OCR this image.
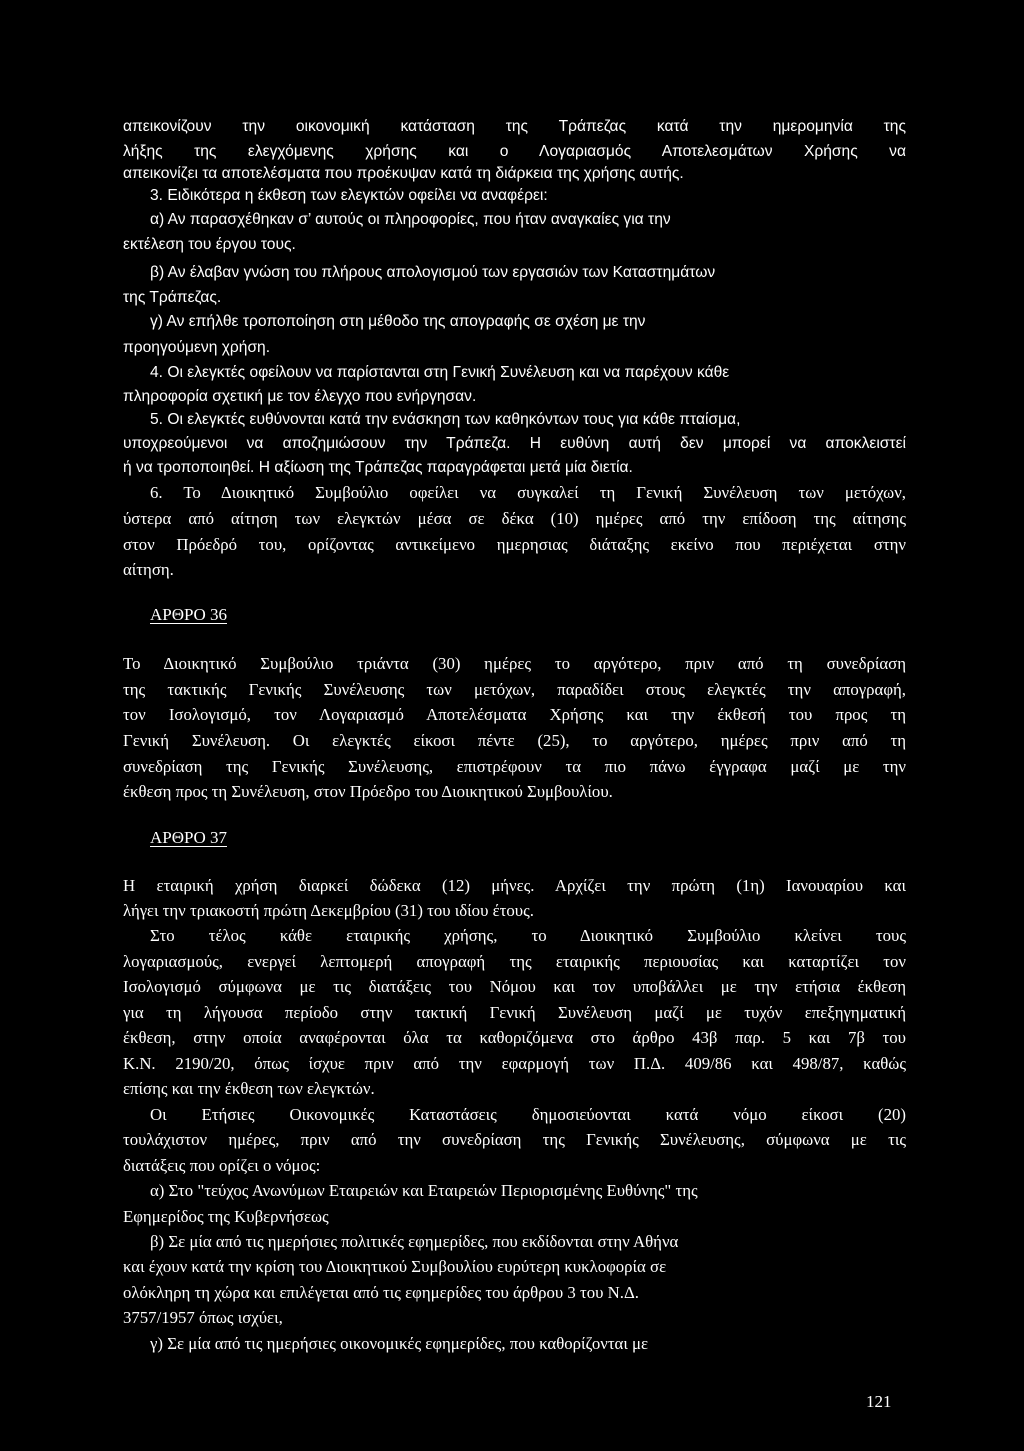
απεικονίζουν την οικονομική κατάσταση της Τράπεζας κατά την ημερομηνία της
λήξης της ελεγχόμενης χρήσης και ο Λογαριασμός Αποτελεσμάτων Χρήσης να
απεικονίζει τα αποτελέσματα που προέκυψαν κατά τη διάρκεια της χρήσης αυτής.
3. Ειδικότερα η έκθεση των ελεγκτών οφείλει να αναφέρει:
α) Αν παρασχέθηκαν σ’ αυτούς οι πληροφορίες, που ήταν αναγκαίες για την
εκτέλεση του έργου τους.
β) Αν έλαβαν γνώση του πλήρους απολογισμού των εργασιών των Καταστημάτων
της Τράπεζας.
γ) Αν επήλθε τροποποίηση στη μέθοδο της απογραφής σε σχέση με την
προηγούμενη χρήση.
4. Οι ελεγκτές οφείλουν να παρίστανται στη Γενική Συνέλευση και να παρέχουν κάθε
πληροφορία σχετική με τον έλεγχο που ενήργησαν.
5. Οι ελεγκτές ευθύνονται κατά την ενάσκηση των καθηκόντων τους για κάθε πταίσμα,
υποχρεούμενοι να αποζημιώσουν την Τράπεζα. Η ευθύνη αυτή δεν μπορεί να αποκλειστεί
ή να τροποποιηθεί. Η αξίωση της Τράπεζας παραγράφεται μετά μία διετία.
6. Το Διοικητικό Συμβούλιο οφείλει να συγκαλεί τη Γενική Συνέλευση των μετόχων,
ύστερα από αίτηση των ελεγκτών μέσα σε δέκα (10) ημέρες από την επίδοση της αίτησης
στον Πρόεδρό του, ορίζοντας αντικείμενο ημερησιας διάταξης εκείνο που περιέχεται στην
αίτηση.
ΑΡΘΡΟ 36
Το Διοικητικό Συμβούλιο τριάντα (30) ημέρες το αργότερο, πριν από τη συνεδρίαση
της τακτικής Γενικής Συνέλευσης των μετόχων, παραδίδει στους ελεγκτές την απογραφή,
τον Ισολογισμό, τον Λογαριασμό Αποτελέσματα Χρήσης και την έκθεσή του προς τη
Γενική Συνέλευση. Οι ελεγκτές είκοσι πέντε (25), το αργότερο, ημέρες πριν από τη
συνεδρίαση της Γενικής Συνέλευσης, επιστρέφουν τα πιο πάνω έγγραφα μαζί με την
έκθεση προς τη Συνέλευση, στον Πρόεδρο του Διοικητικού Συμβουλίου.
ΑΡΘΡΟ 37
Η εταιρική χρήση διαρκεί δώδεκα (12) μήνες. Αρχίζει την πρώτη (1η) Ιανουαρίου και
λήγει την τριακοστή πρώτη Δεκεμβρίου (31) του ιδίου έτους.
Στο τέλος κάθε εταιρικής χρήσης, το Διοικητικό Συμβούλιο κλείνει τους
λογαριασμούς, ενεργεί λεπτομερή απογραφή της εταιρικής περιουσίας και καταρτίζει τον
Ισολογισμό σύμφωνα με τις διατάξεις του Νόμου και τον υποβάλλει με την ετήσια έκθεση
για τη λήγουσα περίοδο στην τακτική Γενική Συνέλευση μαζί με τυχόν επεξηγηματική
έκθεση, στην οποία αναφέρονται όλα τα καθοριζόμενα στο άρθρο 43β παρ. 5 και 7β του
Κ.Ν. 2190/20, όπως ίσχυε πριν από την εφαρμογή των Π.Δ. 409/86 και 498/87, καθώς
επίσης και την έκθεση των ελεγκτών.
Οι Ετήσιες Οικονομικές Καταστάσεις δημοσιεύονται κατά νόμο είκοσι (20)
τουλάχιστον ημέρες, πριν από την συνεδρίαση της Γενικής Συνέλευσης, σύμφωνα με τις
διατάξεις που ορίζει ο νόμος:
α) Στο "τεύχος Ανωνύμων Εταιρειών και Εταιρειών Περιορισμένης Ευθύνης" της
Εφημερίδος της Κυβερνήσεως
β) Σε μία από τις ημερήσιες πολιτικές εφημερίδες, που εκδίδονται στην Αθήνα
και έχουν κατά την κρίση του Διοικητικού Συμβουλίου ευρύτερη κυκλοφορία σε
ολόκληρη τη χώρα και επιλέγεται από τις εφημερίδες του άρθρου 3 του Ν.Δ.
3757/1957 όπως ισχύει,
γ) Σε μία από τις ημερήσιες οικονομικές εφημερίδες, που καθορίζονται με
121
